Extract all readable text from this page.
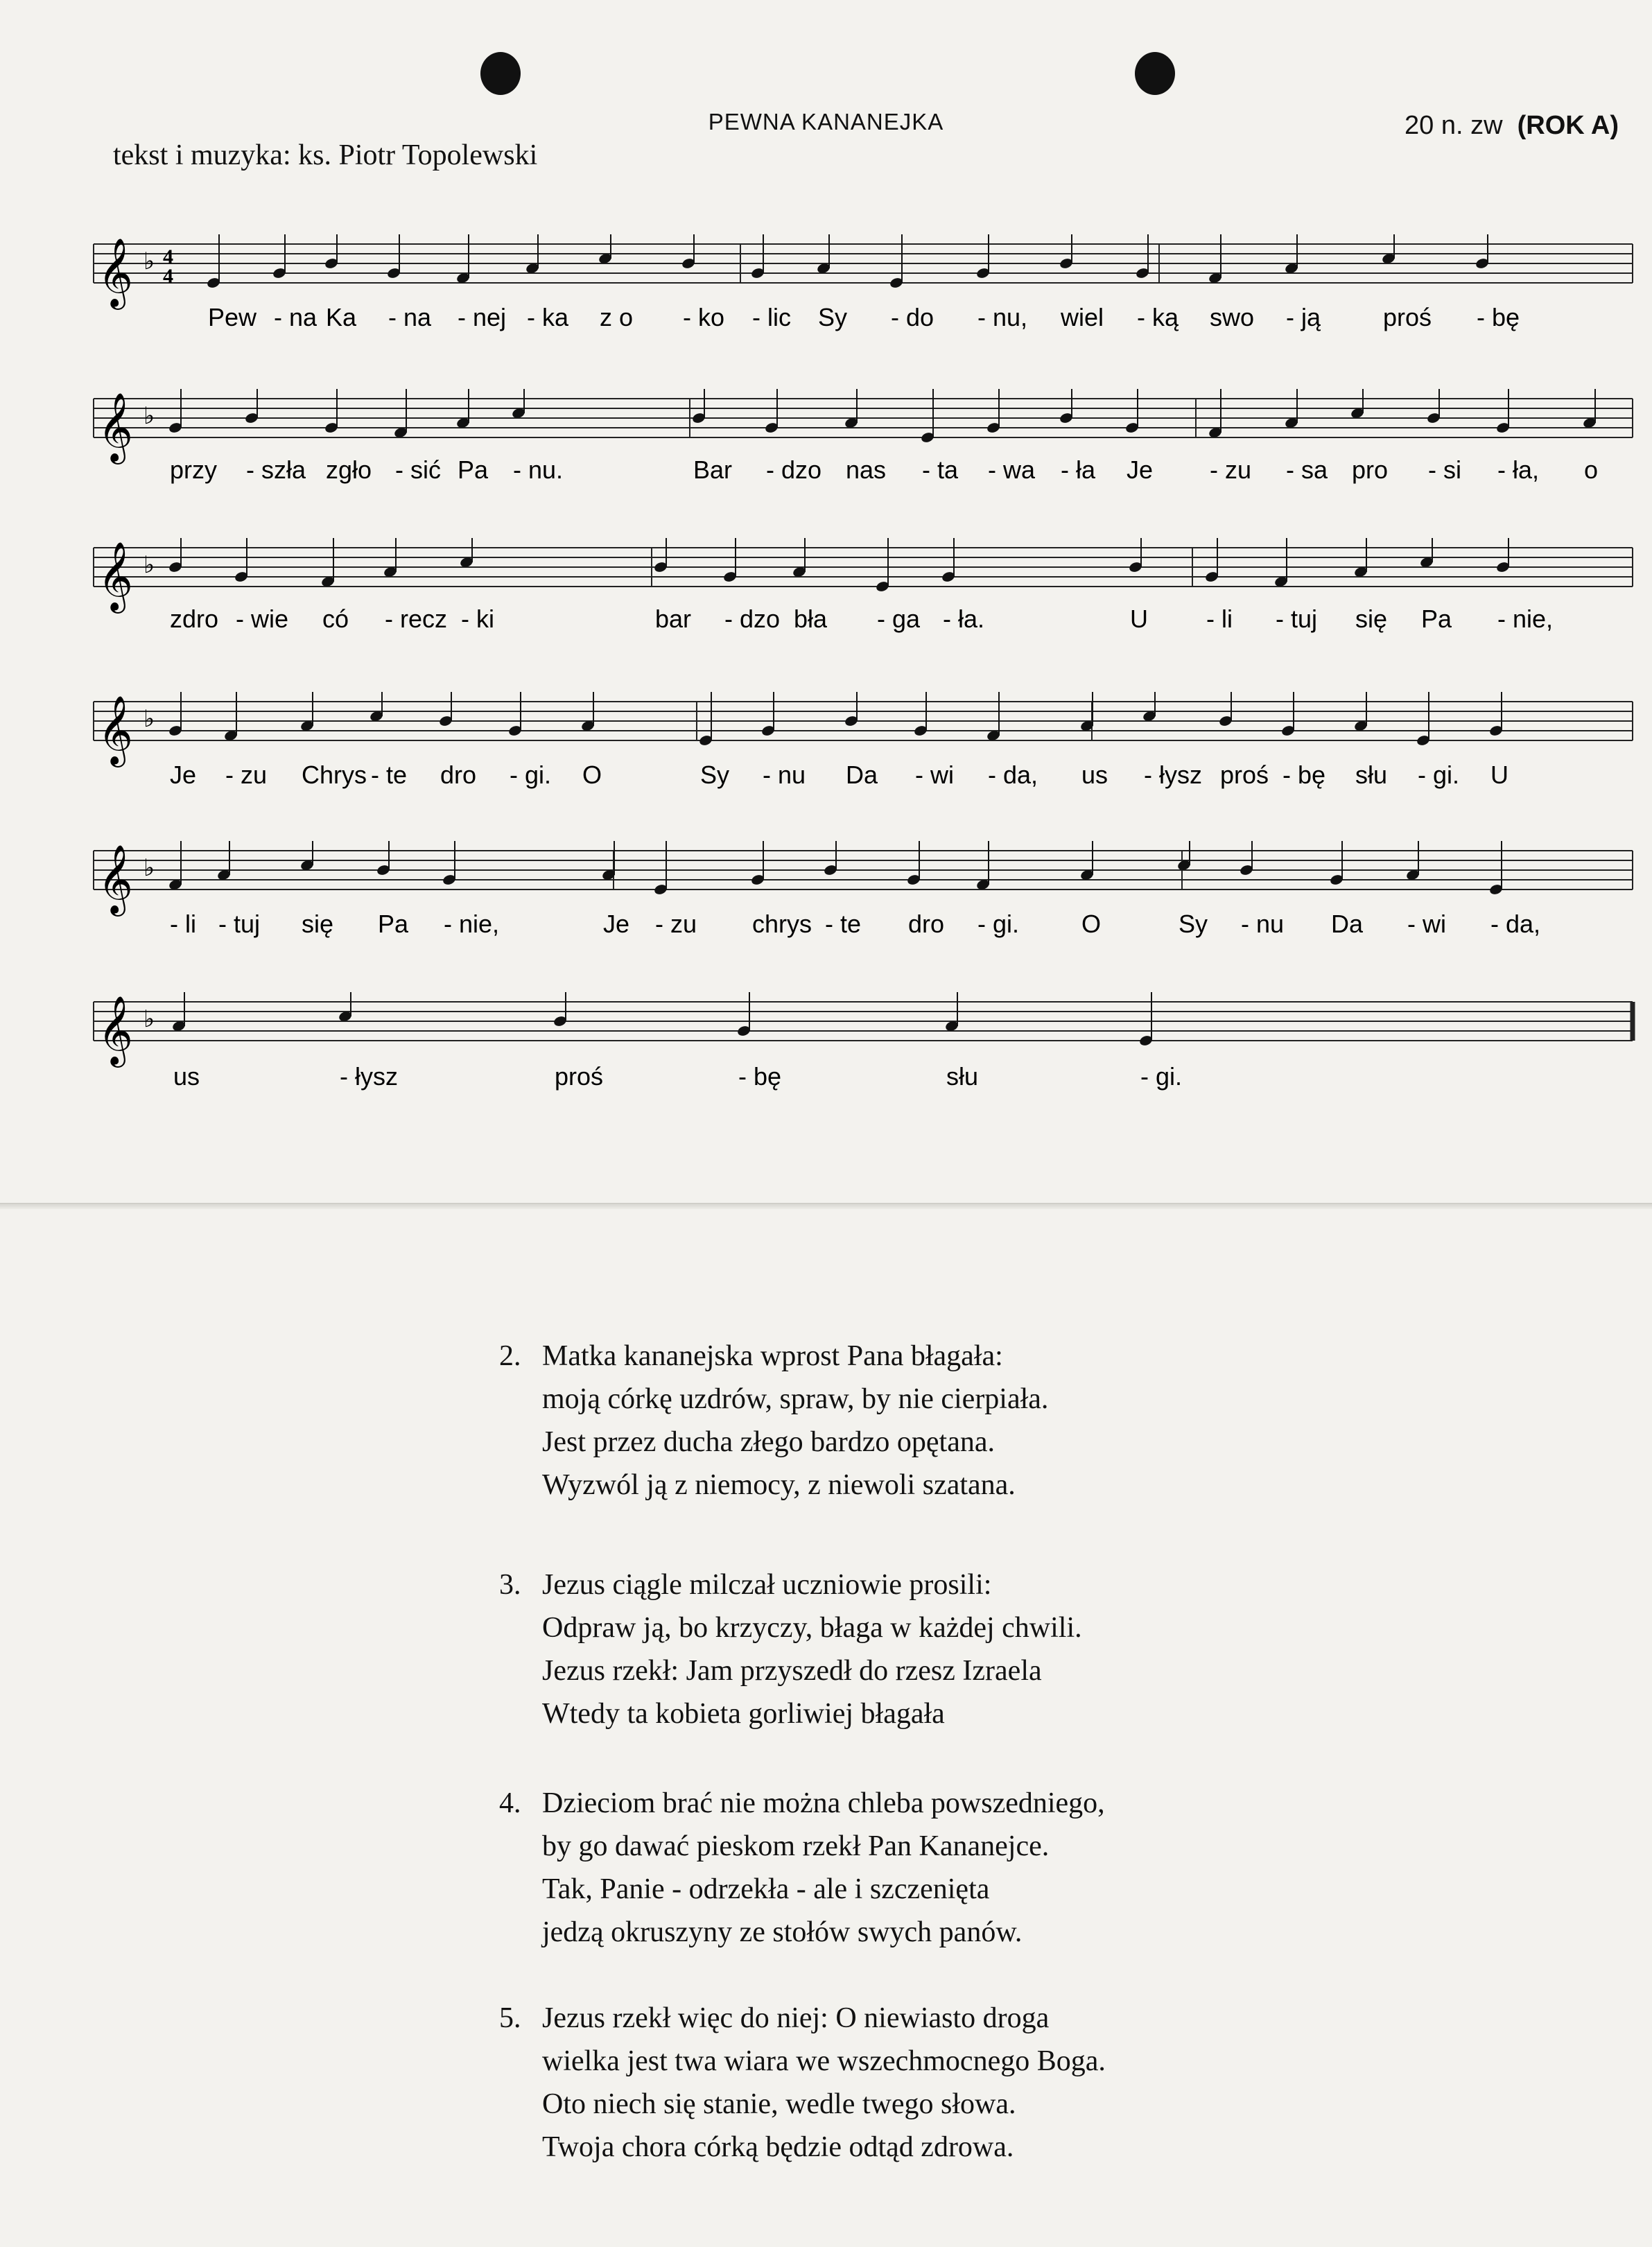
PEWNA KANANEJKA
tekst i muzyka: ks. Piotr Topolewski
20 n. zw (ROK A)
𝄞 ♭
Pew - na Ka - na - nej - ka z o - ko - lic Sy - do - nu, wiel - ką swo - ją proś - bę
𝄞 ♭
przy - szła zgło - sić Pa - nu.	Bar - dzo nas - ta - wa - ła Je - zu - sa pro - si - ła, o
𝄞 ♭
zdro - wie có - recz - ki	bar - dzo bła - ga - ła.	U - li - tuj się Pa - nie,
𝄞 ♭
Je - zu Chrys - te dro - gi. O	Sy - nu Da - wi - da, us - łysz proś - bę słu - gi. U
𝄞 ♭
- li - tuj się Pa - nie,	Je - zu chrys - te dro - gi. O	Sy - nu Da - wi - da,
𝄞 ♭
us	- łysz	proś	- bę	słu	- gi.
4
4
2. Matka kananejska wprost Pana błagała:
moją córkę uzdrów, spraw, by nie cierpiała.
Jest przez ducha złego bardzo opętana.
Wyzwól ją z niemocy, z niewoli szatana.
3. Jezus ciągle milczał uczniowie prosili:
Odpraw ją, bo krzyczy, błaga w każdej chwili.
Jezus rzekł: Jam przyszedł do rzesz Izraela
Wtedy ta kobieta gorliwiej błagała
4. Dzieciom brać nie można chleba powszedniego,
by go dawać pieskom rzekł Pan Kananejce.
Tak, Panie - odrzekła - ale i szczenięta
jedzą okruszyny ze stołów swych panów.
5. Jezus rzekł więc do niej: O niewiasto droga
wielka jest twa wiara we wszechmocnego Boga.
Oto niech się stanie, wedle twego słowa.
Twoja chora córką będzie odtąd zdrowa.
